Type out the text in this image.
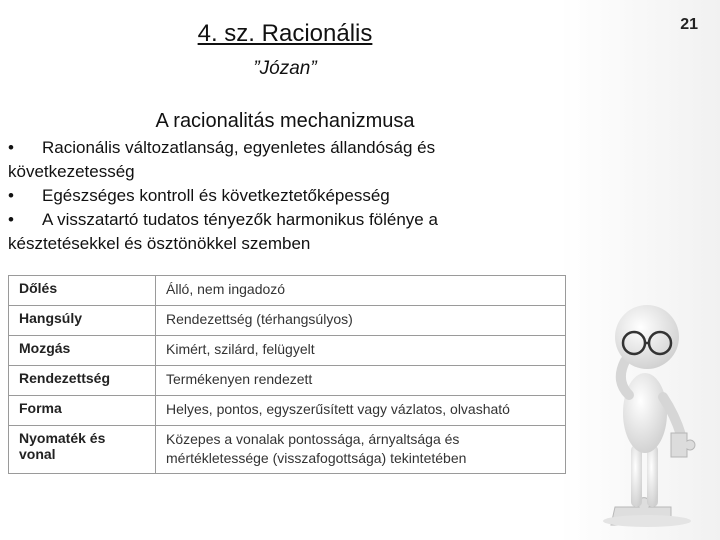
21
4. sz. Racionális
”Józan”
A racionalitás mechanizmusa
• Racionális változatlanság, egyenletes állandóság és következetesség
• Egészséges kontroll és következtetőképesség
• A visszatartó tudatos tényezők harmonikus fölénye a késztetésekkel és ösztönökkel szemben
Dőlés	Álló, nem ingadozó
Hangsúly	Rendezettség (térhangsúlyos)
Mozgás	Kimért, szilárd, felügyelt
Rendezettség	Termékenyen rendezett
Forma	Helyes, pontos, egyszerűsített vagy vázlatos, olvasható
Nyomaték és vonal	Közepes a vonalak pontossága, árnyaltsága és mértékletessége (visszafogottsága) tekintetében
